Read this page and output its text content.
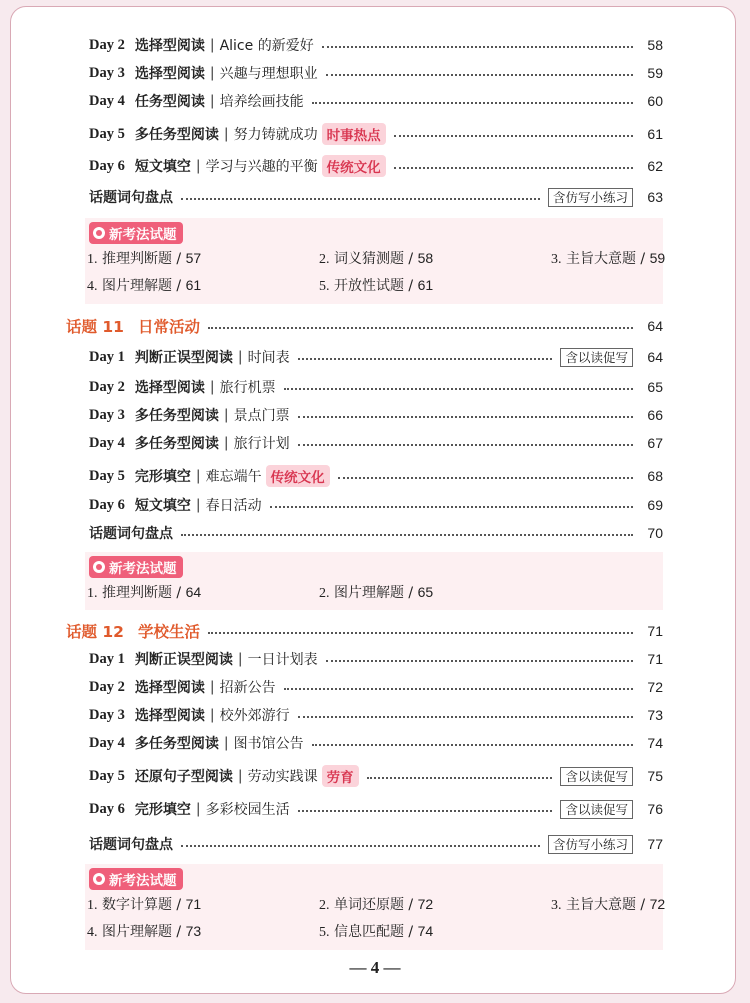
Day 2 选择型阅读 | Alice 的新爱好	58
Day 3 选择型阅读 | 兴趣与理想职业	59
Day 4 任务型阅读 | 培养绘画技能	60
Day 5 多任务型阅读 | 努力铸就成功 时事热点	61
Day 6 短文填空 | 学习与兴趣的平衡 传统文化	62
话题词句盘点	含仿写小练习	63
新考法试题
1. 推理判断题 / 57	2. 词义猜测题 / 58	3. 主旨大意题 / 59
4. 图片理解题 / 61	5. 开放性试题 / 61
话题 11 日常活动	64
Day 1 判断正误型阅读 | 时间表	含以读促写	64
Day 2 选择型阅读 | 旅行机票	65
Day 3 多任务型阅读 | 景点门票	66
Day 4 多任务型阅读 | 旅行计划	67
Day 5 完形填空 | 难忘端午 传统文化	68
Day 6 短文填空 | 春日活动	69
话题词句盘点	70
新考法试题
1. 推理判断题 / 64	2. 图片理解题 / 65
话题 12 学校生活	71
Day 1 判断正误型阅读 | 一日计划表	71
Day 2 选择型阅读 | 招新公告	72
Day 3 选择型阅读 | 校外郊游行	73
Day 4 多任务型阅读 | 图书馆公告	74
Day 5 还原句子型阅读 | 劳动实践课 劳育	含以读促写	75
Day 6 完形填空 | 多彩校园生活	含以读促写	76
话题词句盘点	含仿写小练习	77
新考法试题
1. 数字计算题 / 71	2. 单词还原题 / 72	3. 主旨大意题 / 72
4. 图片理解题 / 73	5. 信息匹配题 / 74
— 4 —
